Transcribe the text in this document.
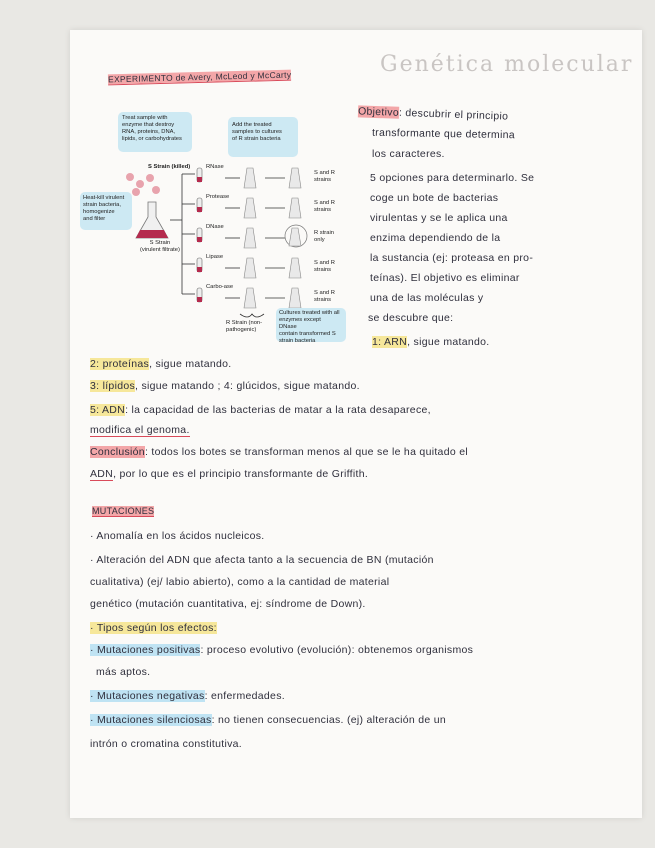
EXPERIMENTO de Avery, McLeod y McCarty
Genética molecular
Treat sample with
enzyme that destroy
RNA, proteins, DNA,
lipids, or carbohydrates
Add the treated
samples to cultures
of R strain bacteria
S Strain (killed)
Heat-kill virulent
strain bacteria,
homogenize
and filter
S Strain
(virulent filtrate)
RNase
Protease
DNase
Lipase
Carbo-ase
S and R
strains
S and R
strains
R strain
only
S and R
strains
S and R
strains
R Strain (non-
pathogenic)
Cultures treated with all
enzymes except DNase
contain transformed S
strain bacteria
Objetivo: descubrir el principio
transformante que determina
los caracteres.
5 opciones para determinarlo. Se
coge un bote de bacterias
virulentas y se le aplica una
enzima dependiendo de la
la sustancia (ej: proteasa en pro-
teínas). El objetivo es eliminar
una de las moléculas y
se descubre que:
1: ARN, sigue matando.
2: proteínas, sigue matando.
3: lípidos, sigue matando ; 4: glúcidos, sigue matando.
5: ADN: la capacidad de las bacterias de matar a la rata desaparece,
modifica el genoma.
Conclusión: todos los botes se transforman menos al que se le ha quitado el
ADN, por lo que es el principio transformante de Griffith.
MUTACIONES
· Anomalía en los ácidos nucleicos.
· Alteración del ADN que afecta tanto a la secuencia de BN (mutación
cualitativa) (ej/ labio abierto), como a la cantidad de material
genético (mutación cuantitativa, ej: síndrome de Down).
· Tipos según los efectos:
· Mutaciones positivas: proceso evolutivo (evolución): obtenemos organismos
más aptos.
· Mutaciones negativas: enfermedades.
· Mutaciones silenciosas: no tienen consecuencias. (ej) alteración de un
intrón o cromatina constitutiva.
